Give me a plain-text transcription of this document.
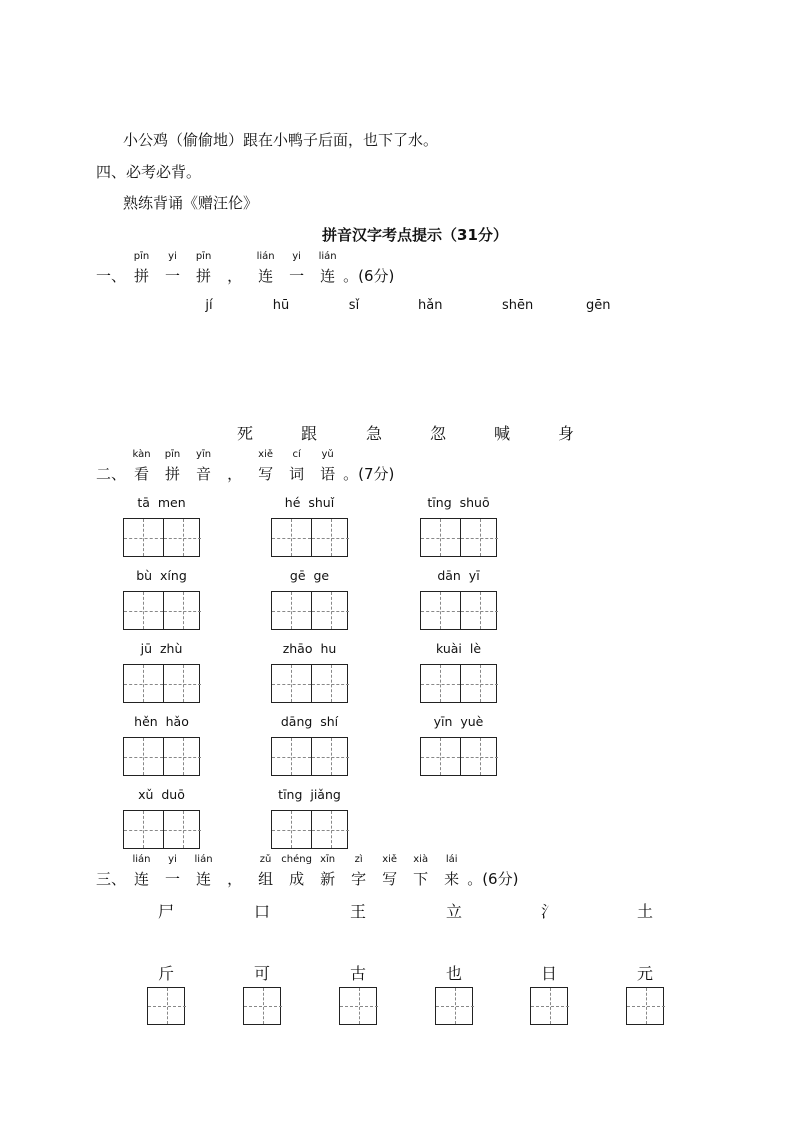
小公鸡（偷偷地）跟在小鸭子后面，也下了水。
四、必考必背。
熟练背诵《赠汪伦》
拼音汉字考点提示（31分）
一、 拼
pīn
一
yi
拼
pīn
， 连
lián
一
yi
连
lián
。(6分)
jí	hū	sǐ	hǎn	shēn	gēn
死	跟	急	忽	喊	身
二、 看
kàn
拼
pīn
音
yīn
， 写
xiě
词
cí
语
yǔ
。(7分)
tā  men	hé  shuǐ	tīng  shuō
bù  xíng	gē  ge	dān  yī
jū  zhù	zhāo  hu	kuài  lè
hěn  hǎo	dāng  shí	yīn  yuè
xǔ  duō	tīng  jiǎng
三、 连
lián
一
yi
连
lián
， 组
zǔ
成
chéng
新
xīn
字
zì
写
xiě
下
xià
来
lái
。(6分)
尸	口	王	立	氵	土
斤	可	古	也	日	元
